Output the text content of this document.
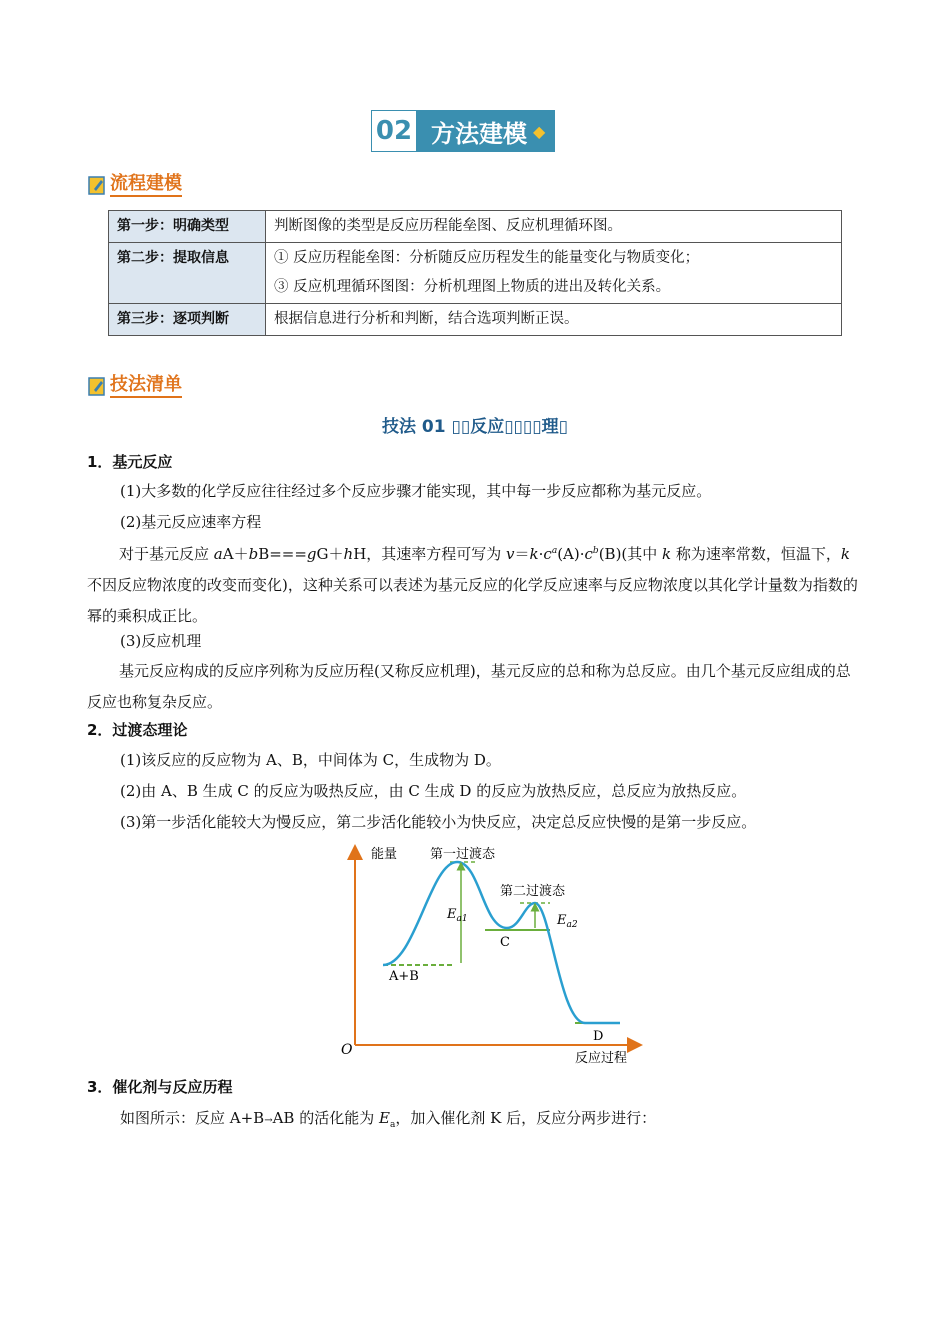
02 方法建模 ◆
流程建模
第一步：明确类型	判断图像的类型是反应历程能垒图、反应机理循环图。
第二步：提取信息	① 反应历程能垒图：分析随反应历程发生的能量变化与物质变化；
③ 反应机理循环图图：分析机理图上物质的进出及转化关系。

第三步：逐项判断	根据信息进行分析和判断，结合选项判断正误。
技法清单
技法 01 ▯▯反应▯▯▯▯理▯
1．基元反应
(1)大多数的化学反应往往经过多个反应步骤才能实现，其中每一步反应都称为基元反应。
(2)基元反应速率方程
对于基元反应 aA＋bB===gG＋hH，其速率方程可写为 $v=k\cdot c^a(A)\cdot c^b(B)$(其中 k 称为速率常数，恒温下，k 不因反应物浓度的改变而变化)，这种关系可以表述为基元反应的化学反应速率与反应物浓度以其化学计量数为指数的幂的乘积成正比。
(3)反应机理
基元反应构成的反应序列称为反应历程(又称反应机理)，基元反应的总和称为总反应。由几个基元反应组成的总反应也称复杂反应。
2．过渡态理论
(1)该反应的反应物为 A、B，中间体为 C，生成物为 D。
(2)由 A、B 生成 C 的反应为吸热反应，由 C 生成 D 的反应为放热反应，总反应为放热反应。
(3)第一步活化能较大为慢反应，第二步活化能较小为快反应，决定总反应快慢的是第一步反应。
能量
反应过程
O
第一过渡态
第二过渡态
A+B
C
D
$E_{a1}$	$E_{a2}$
3．催化剂与反应历程
如图所示：反应 A+B→AB 的活化能为 $E_a$，加入催化剂 K 后，反应分两步进行：
